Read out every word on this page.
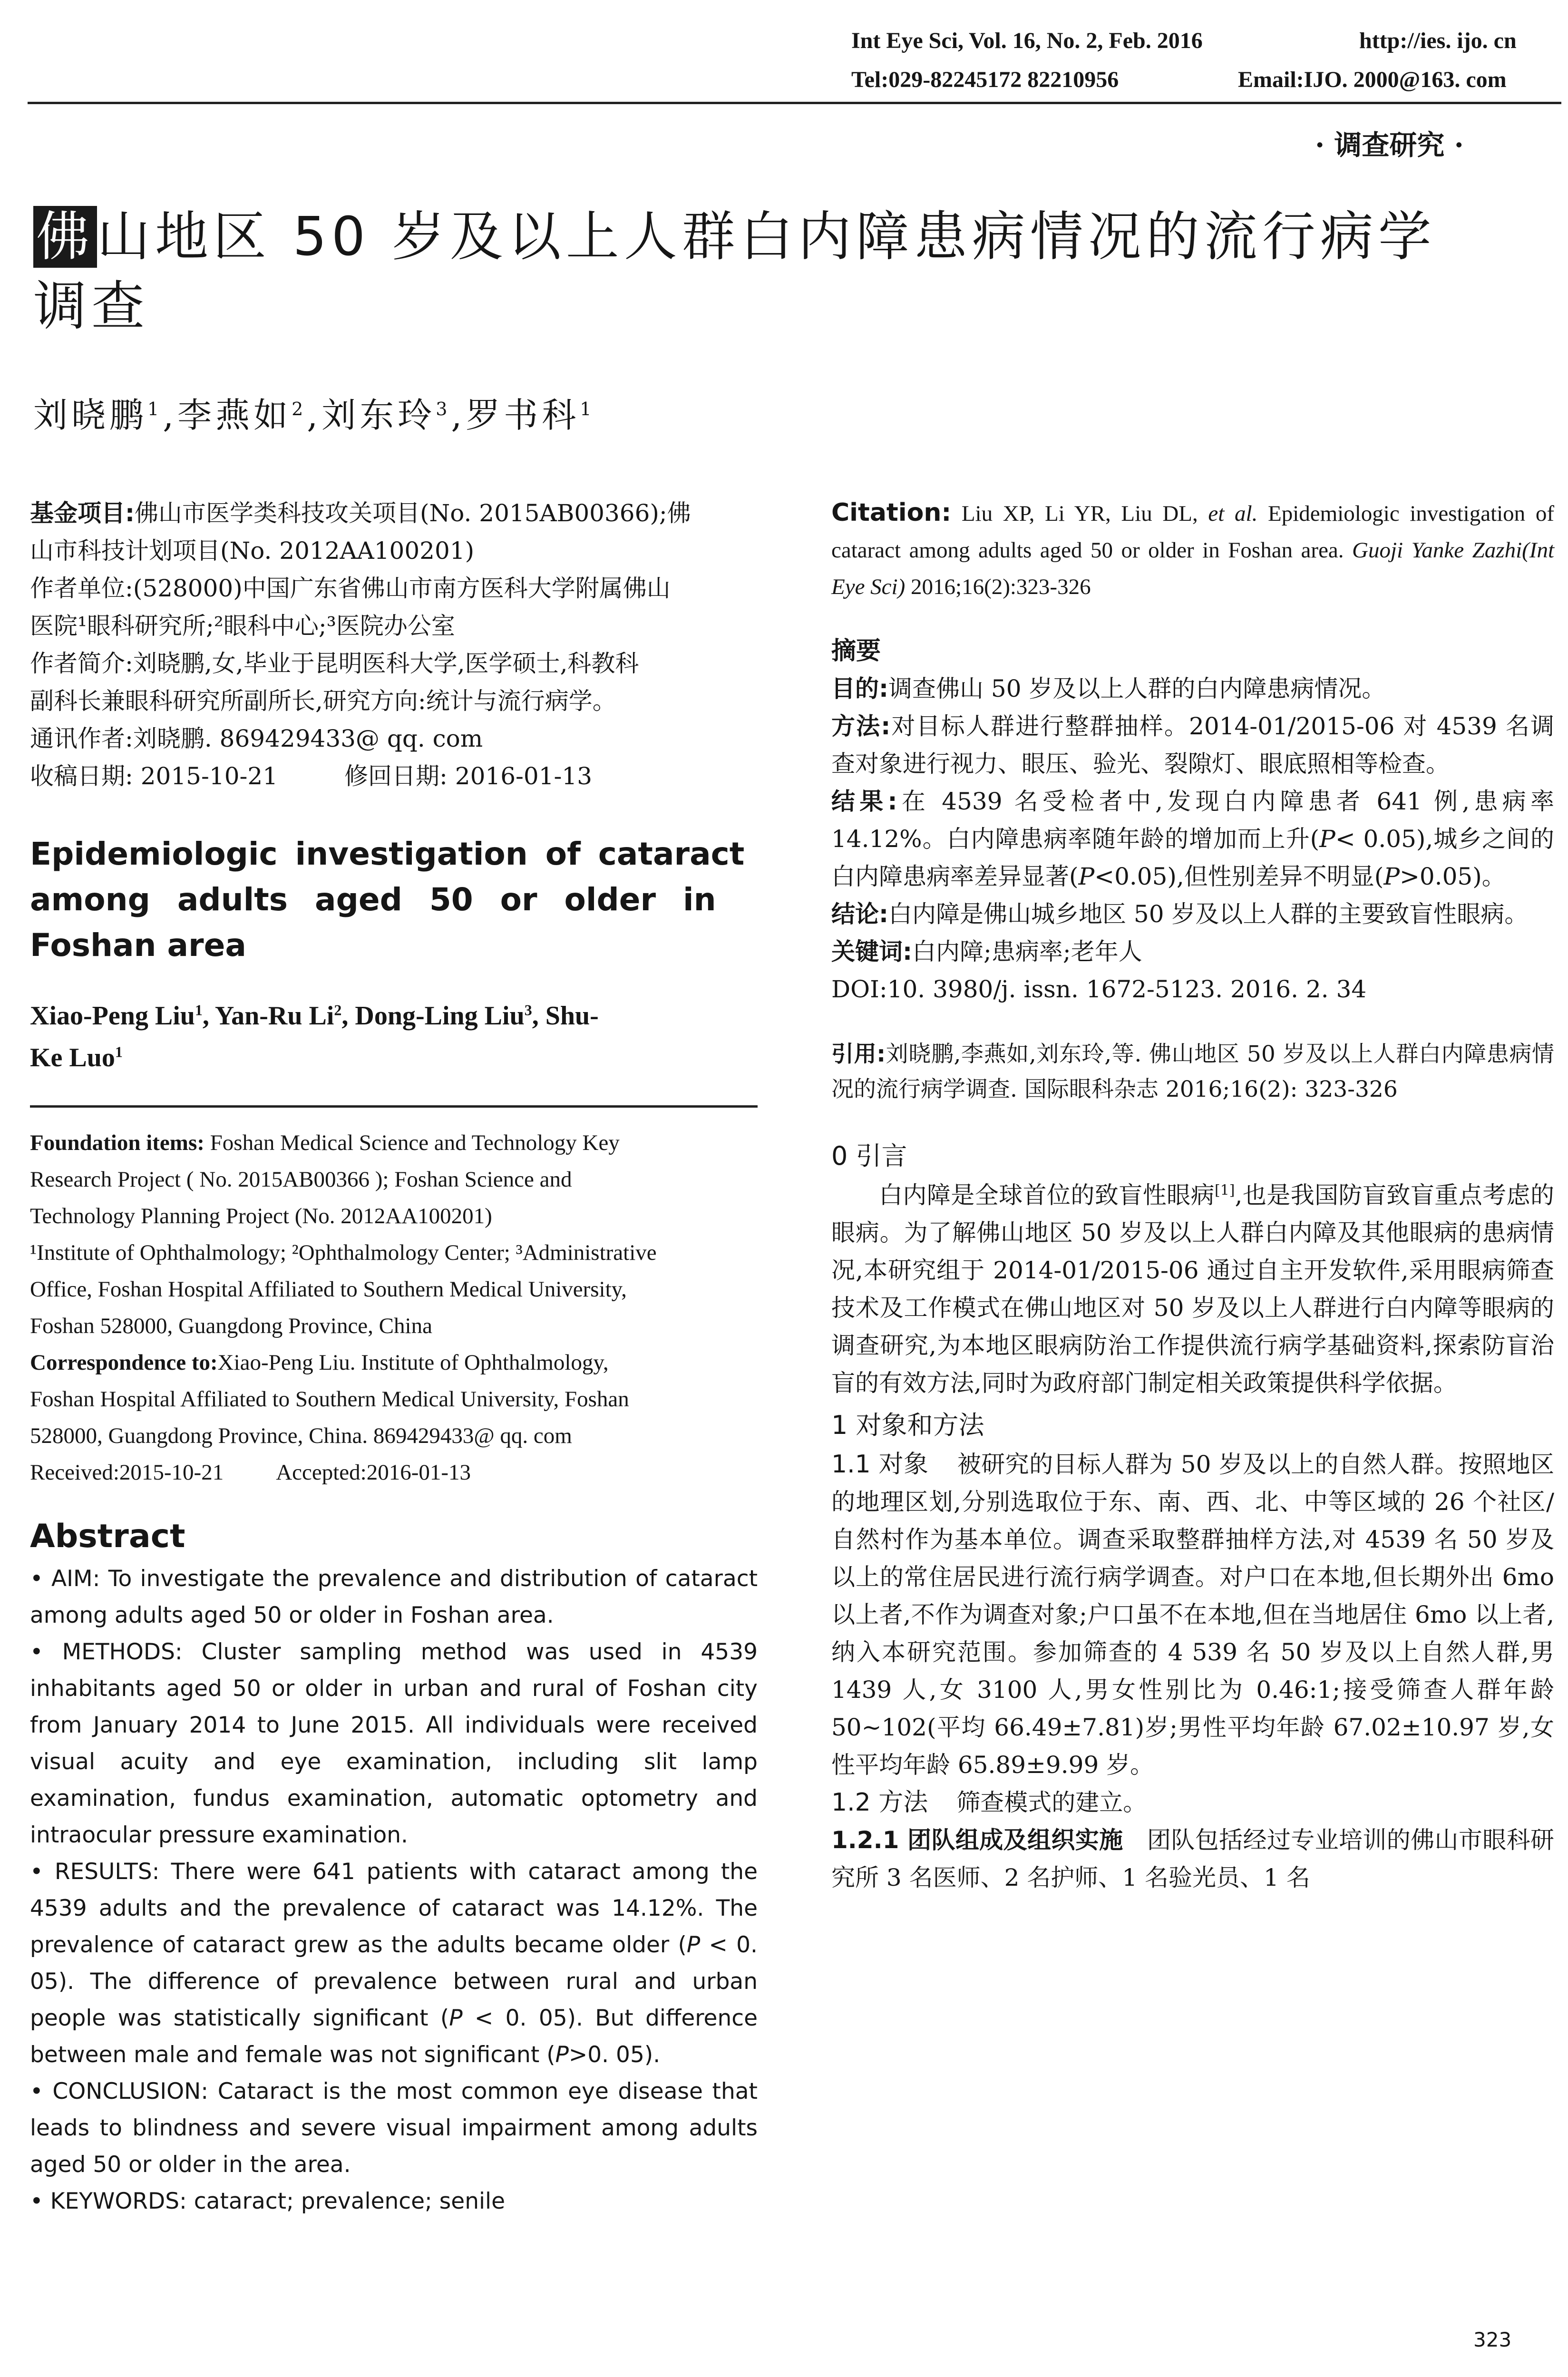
Int Eye Sci, Vol. 16, No. 2, Feb. 2016	http://ies. ijo. cn
Tel:029-82245172 82210956	Email:IJO. 2000@163. com
· 调查研究 ·
佛山地区 50 岁及以上人群白内障患病情况的流行病学
调查
刘晓鹏$^1$,李燕如$^2$,刘东玲$^3$,罗书科$^1$
基金项目:佛山市医学类科技攻关项目(No. 2015AB00366);佛
山市科技计划项目(No. 2012AA100201)
作者单位:(528000)中国广东省佛山市南方医科大学附属佛山
医院¹眼科研究所;²眼科中心;³医院办公室
作者简介:刘晓鹏,女,毕业于昆明医科大学,医学硕士,科教科
副科长兼眼科研究所副所长,研究方向:统计与流行病学。
通讯作者:刘晓鹏. 869429433@ qq. com
收稿日期: 2015-10-21	修回日期: 2016-01-13
Epidemiologic investigation of cataract
among adults aged 50 or older in
Foshan area
Xiao-Peng Liu$^1$, Yan-Ru Li$^2$, Dong-Ling Liu$^3$, Shu-
Ke Luo$^1$
Foundation items: Foshan Medical Science and Technology Key
Research Project ( No. 2015AB00366 ); Foshan Science and
Technology Planning Project (No. 2012AA100201)
¹Institute of Ophthalmology; ²Ophthalmology Center; ³Administrative
Office, Foshan Hospital Affiliated to Southern Medical University,
Foshan 528000, Guangdong Province, China
Correspondence to:Xiao-Peng Liu. Institute of Ophthalmology,
Foshan Hospital Affiliated to Southern Medical University, Foshan
528000, Guangdong Province, China. 869429433@ qq. com
Received:2015-10-21 Accepted:2016-01-13
Abstract

• AIM: To investigate the prevalence and distribution of cataract among adults aged 50 or older in Foshan area.

• METHODS: Cluster sampling method was used in 4539 inhabitants aged 50 or older in urban and rural of Foshan city from January 2014 to June 2015. All individuals were received visual acuity and eye examination, including slit lamp examination, fundus examination, automatic optometry and intraocular pressure examination.

• RESULTS: There were 641 patients with cataract among the 4539 adults and the prevalence of cataract was 14.12%. The prevalence of cataract grew as the adults became older (P < 0. 05). The difference of prevalence between rural and urban people was statistically significant (P < 0. 05). But difference between male and female was not significant (P>0. 05).

• CONCLUSION: Cataract is the most common eye disease that leads to blindness and severe visual impairment among adults aged 50 or older in the area.

• KEYWORDS: cataract; prevalence; senile

Citation: Liu XP, Li YR, Liu DL, et al. Epidemiologic investigation of cataract among adults aged 50 or older in Foshan area. Guoji Yanke Zazhi(Int Eye Sci) 2016;16(2):323-326
摘要

目的:调查佛山 50 岁及以上人群的白内障患病情况。

方法:对目标人群进行整群抽样。2014-01/2015-06 对 4539 名调查对象进行视力、眼压、验光、裂隙灯、眼底照相等检查。

结果:在 4539 名受检者中,发现白内障患者 641 例,患病率 14.12%。白内障患病率随年龄的增加而上升(P< 0.05),城乡之间的白内障患病率差异显著(P<0.05),但性别差异不明显(P>0.05)。

结论:白内障是佛山城乡地区 50 岁及以上人群的主要致盲性眼病。

关键词:白内障;患病率;老年人

DOI:10. 3980/j. issn. 1672-5123. 2016. 2. 34

引用:刘晓鹏,李燕如,刘东玲,等. 佛山地区 50 岁及以上人群白内障患病情况的流行病学调查. 国际眼科杂志 2016;16(2): 323-326
0 引言
白内障是全球首位的致盲性眼病[1],也是我国防盲致盲重点考虑的眼病。为了解佛山地区 50 岁及以上人群白内障及其他眼病的患病情况,本研究组于 2014-01/2015-06 通过自主开发软件,采用眼病筛查技术及工作模式在佛山地区对 50 岁及以上人群进行白内障等眼病的调查研究,为本地区眼病防治工作提供流行病学基础资料,探索防盲治盲的有效方法,同时为政府部门制定相关政策提供科学依据。
1 对象和方法
1.1 对象 被研究的目标人群为 50 岁及以上的自然人群。按照地区的地理区划,分别选取位于东、南、西、北、中等区域的 26 个社区/自然村作为基本单位。调查采取整群抽样方法,对 4539 名 50 岁及以上的常住居民进行流行病学调查。对户口在本地,但长期外出 6mo 以上者,不作为调查对象;户口虽不在本地,但在当地居住 6mo 以上者,纳入本研究范围。参加筛查的 4 539 名 50 岁及以上自然人群,男 1439 人,女 3100 人,男女性别比为 0.46:1;接受筛查人群年龄 50~102(平均 66.49±7.81)岁;男性平均年龄 67.02±10.97 岁,女性平均年龄 65.89±9.99 岁。
1.2 方法 筛查模式的建立。
1.2.1 团队组成及组织实施 团队包括经过专业培训的佛山市眼科研究所 3 名医师、2 名护师、1 名验光员、1 名
323
